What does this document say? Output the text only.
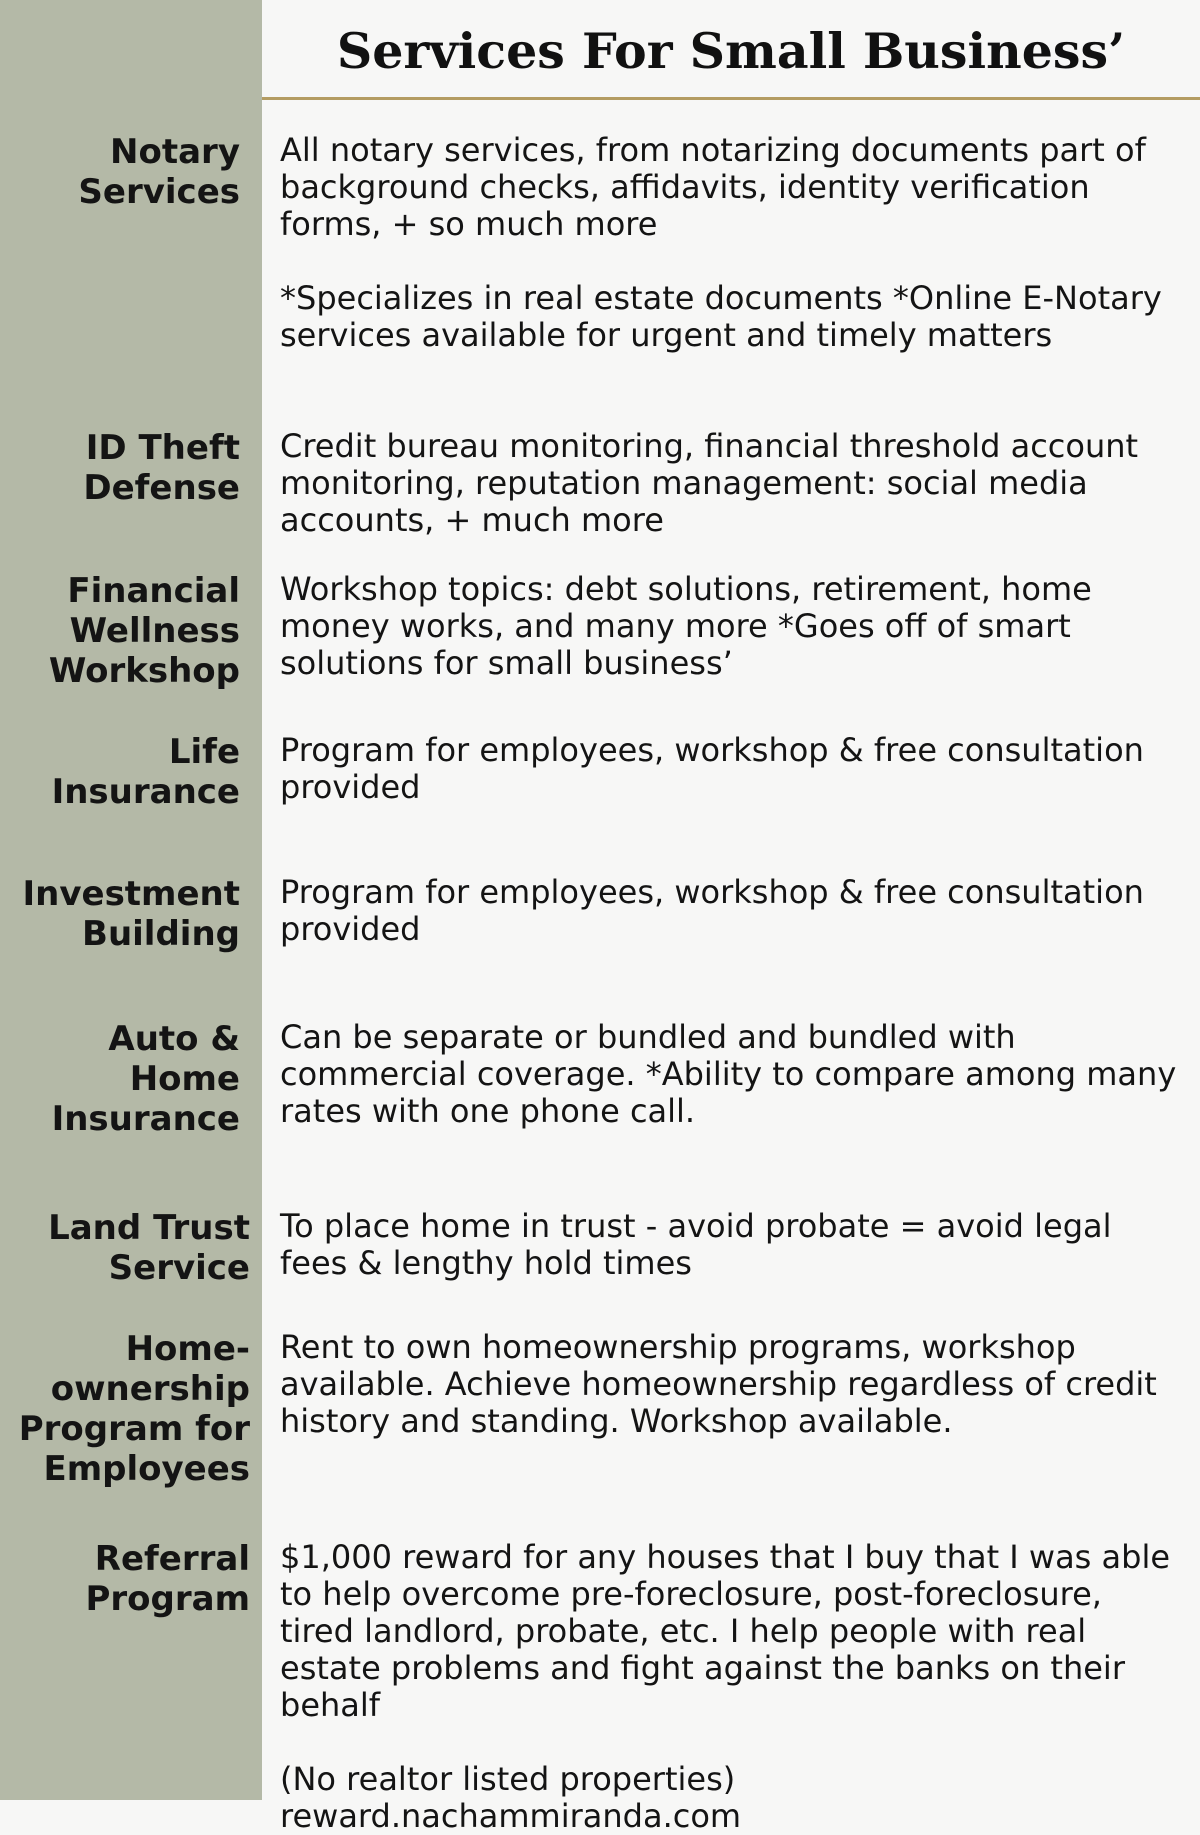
Services For Small Business’
Notary
Services

All notary services, from notarizing documents part of background checks, affidavits, identity verification forms, + so much more

*Specializes in real estate documents *Online E-Notary services available for urgent and timely matters

ID Theft
Defense

Credit bureau monitoring, financial threshold account monitoring, reputation management: social media accounts, + much more

Financial
Wellness
Workshop

Workshop topics: debt solutions, retirement, home money works, and many more *Goes off of smart solutions for small business’

Life
Insurance

Program for employees, workshop & free consultation provided

Investment
Building

Program for employees, workshop & free consultation provided

Auto &
Home
Insurance

Can be separate or bundled and bundled with commercial coverage. *Ability to compare among many rates with one phone call.

Land Trust
Service

To place home in trust - avoid probate = avoid legal fees & lengthy hold times

Home-
ownership
Program for
Employees

Rent to own homeownership programs, workshop available. Achieve homeownership regardless of credit history and standing. Workshop available.

Referral
Program

$1,000 reward for any houses that I buy that I was able to help overcome pre-foreclosure, post-foreclosure, tired landlord, probate, etc. I help people with real estate problems and fight against the banks on their behalf

(No realtor listed properties) reward.nachammiranda.com
